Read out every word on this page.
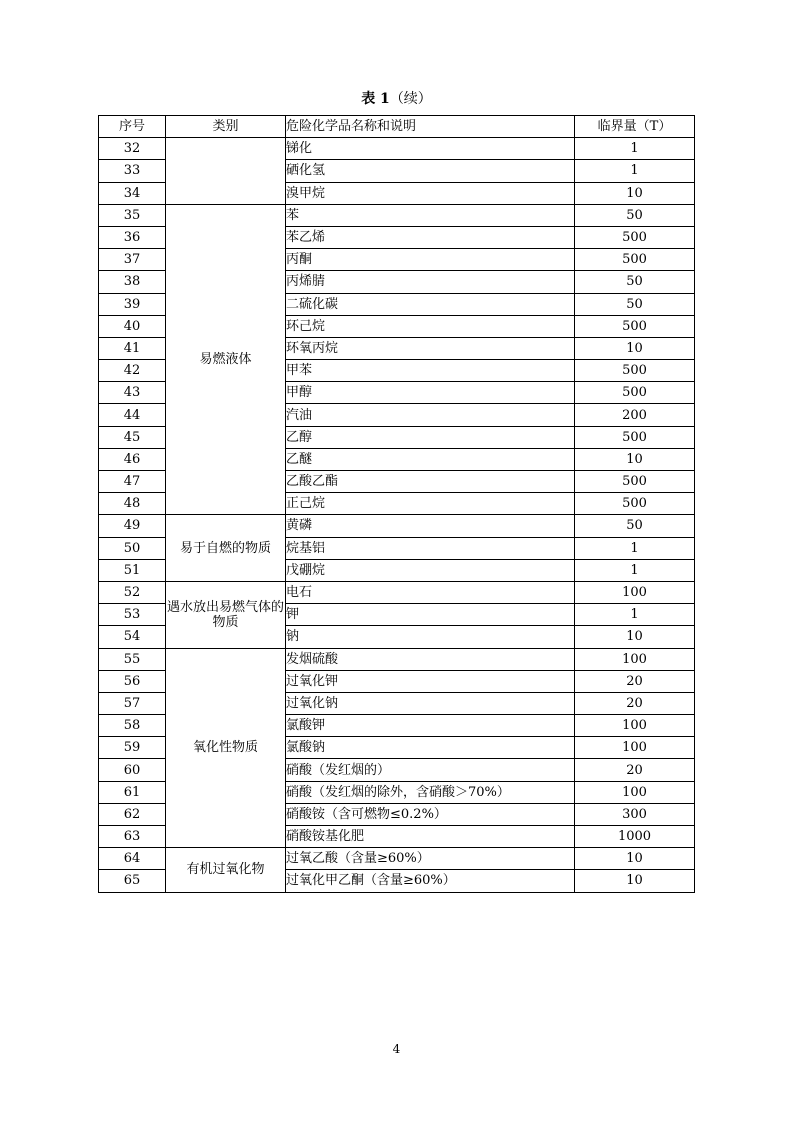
表 1（续）
序号	类别	危险化学品名称和说明	临界量（T）
32		锑化	1
33		硒化氢	1
34		溴甲烷	10
35	易燃液体	苯	50
36		苯乙烯	500
37		丙酮	500
38		丙烯腈	50
39		二硫化碳	50
40		环己烷	500
41		环氧丙烷	10
42		甲苯	500
43		甲醇	500
44		汽油	200
45		乙醇	500
46		乙醚	10
47		乙酸乙酯	500
48		正己烷	500
49	易于自燃的物质	黄磷	50
50		烷基铝	1
51		戊硼烷	1
52	遇水放出易燃气体的物质	电石	100
53		钾	1
54		钠	10
55	氧化性物质	发烟硫酸	100
56		过氧化钾	20
57		过氧化钠	20
58		氯酸钾	100
59		氯酸钠	100
60		硝酸（发红烟的）	20
61		硝酸（发红烟的除外，含硝酸＞70%）	100
62		硝酸铵（含可燃物≤0.2%）	300
63		硝酸铵基化肥	1000
64	有机过氧化物	过氧乙酸（含量≥60%）	10
65		过氧化甲乙酮（含量≥60%）	10
4
